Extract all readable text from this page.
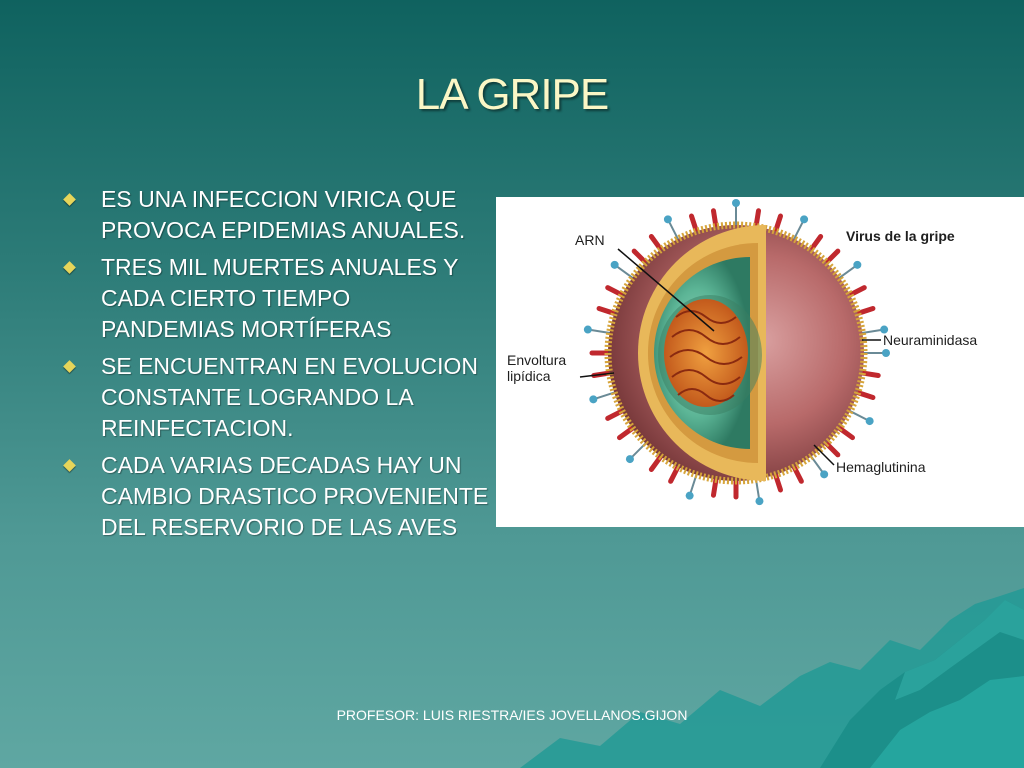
LA GRIPE
ES UNA INFECCION VIRICA QUE PROVOCA EPIDEMIAS ANUALES.
TRES MIL MUERTES ANUALES Y CADA CIERTO TIEMPO PANDEMIAS MORTÍFERAS
SE ENCUENTRAN EN EVOLUCION CONSTANTE LOGRANDO LA REINFECTACION.
CADA VARIAS DECADAS HAY UN CAMBIO DRASTICO PROVENIENTE DEL RESERVORIO DE LAS AVES
Virus de la gripe
ARN
Neuraminidasa
Envoltura lipídica
Hemaglutinina
PROFESOR: LUIS RIESTRA/IES JOVELLANOS.GIJON
